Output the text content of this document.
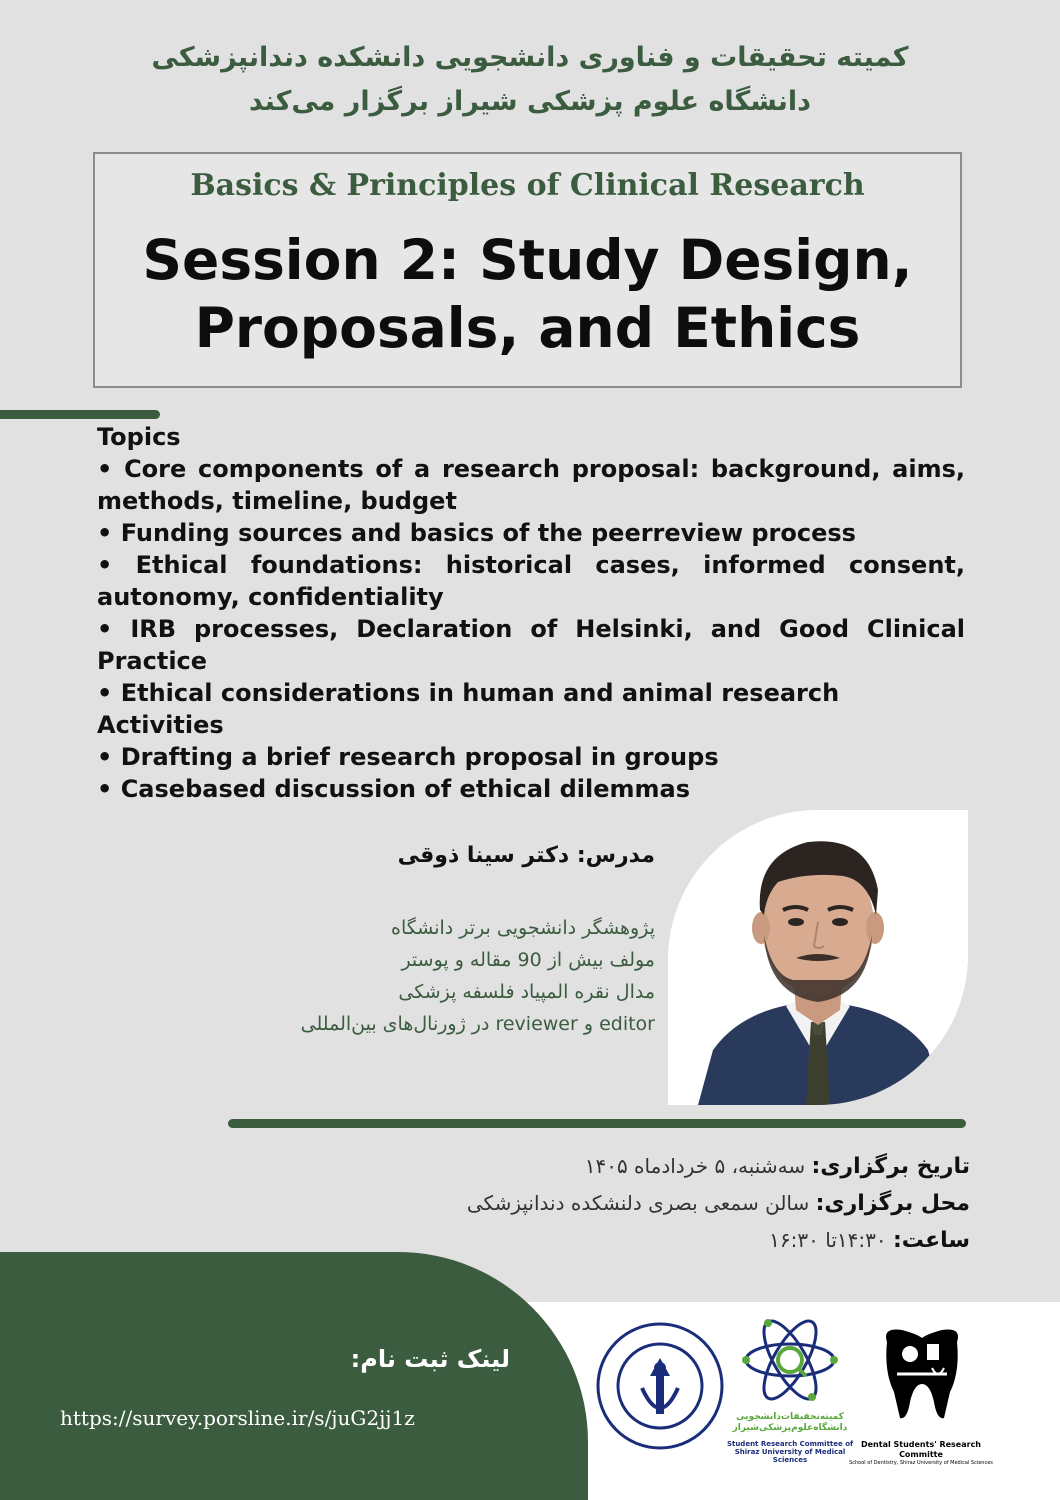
کمیته تحقیقات و فناوری دانشجویی دانشکده دندانپزشکی
دانشگاه علوم پزشکی شیراز برگزار می‌کند
Basics & Principles of Clinical Research
Session 2: Study Design,
Proposals, and Ethics
Topics
• Core components of a research proposal: background, aims, methods, timeline, budget
• Funding sources and basics of the peerreview process
• Ethical foundations: historical cases, informed consent, autonomy, confidentiality
• IRB processes, Declaration of Helsinki, and Good Clinical Practice
• Ethical considerations in human and animal research
Activities
• Drafting a brief research proposal in groups
• Casebased discussion of ethical dilemmas
مدرس: دکتر سینا ذوقی
پژوهشگر دانشجویی برتر دانشگاه
مولف بیش از 90 مقاله و پوستر
مدال نقره المپیاد فلسفه پزشکی
editor و reviewer در ژورنال‌های بین‌المللی
تاریخ برگزاری: سه‌شنبه، ۵ خردادماه ۱۴۰۵
محل برگزاری: سالن سمعی بصری دلنشکده دندانپزشکی
ساعت: ۱۴:۳۰تا ۱۶:۳۰
لینک ثبت نام:
https://survey.porsline.ir/s/juG2jj1z	کمیته‌تحقیقات‌دانشجویی
دانشگاه‌علوم‌پزشکی‌شیراز
Student Research Committee of
Shiraz University of Medical Sciences
Dental Students' Research Committe
School of Dentistry, Shiraz University of Medical Sciences
